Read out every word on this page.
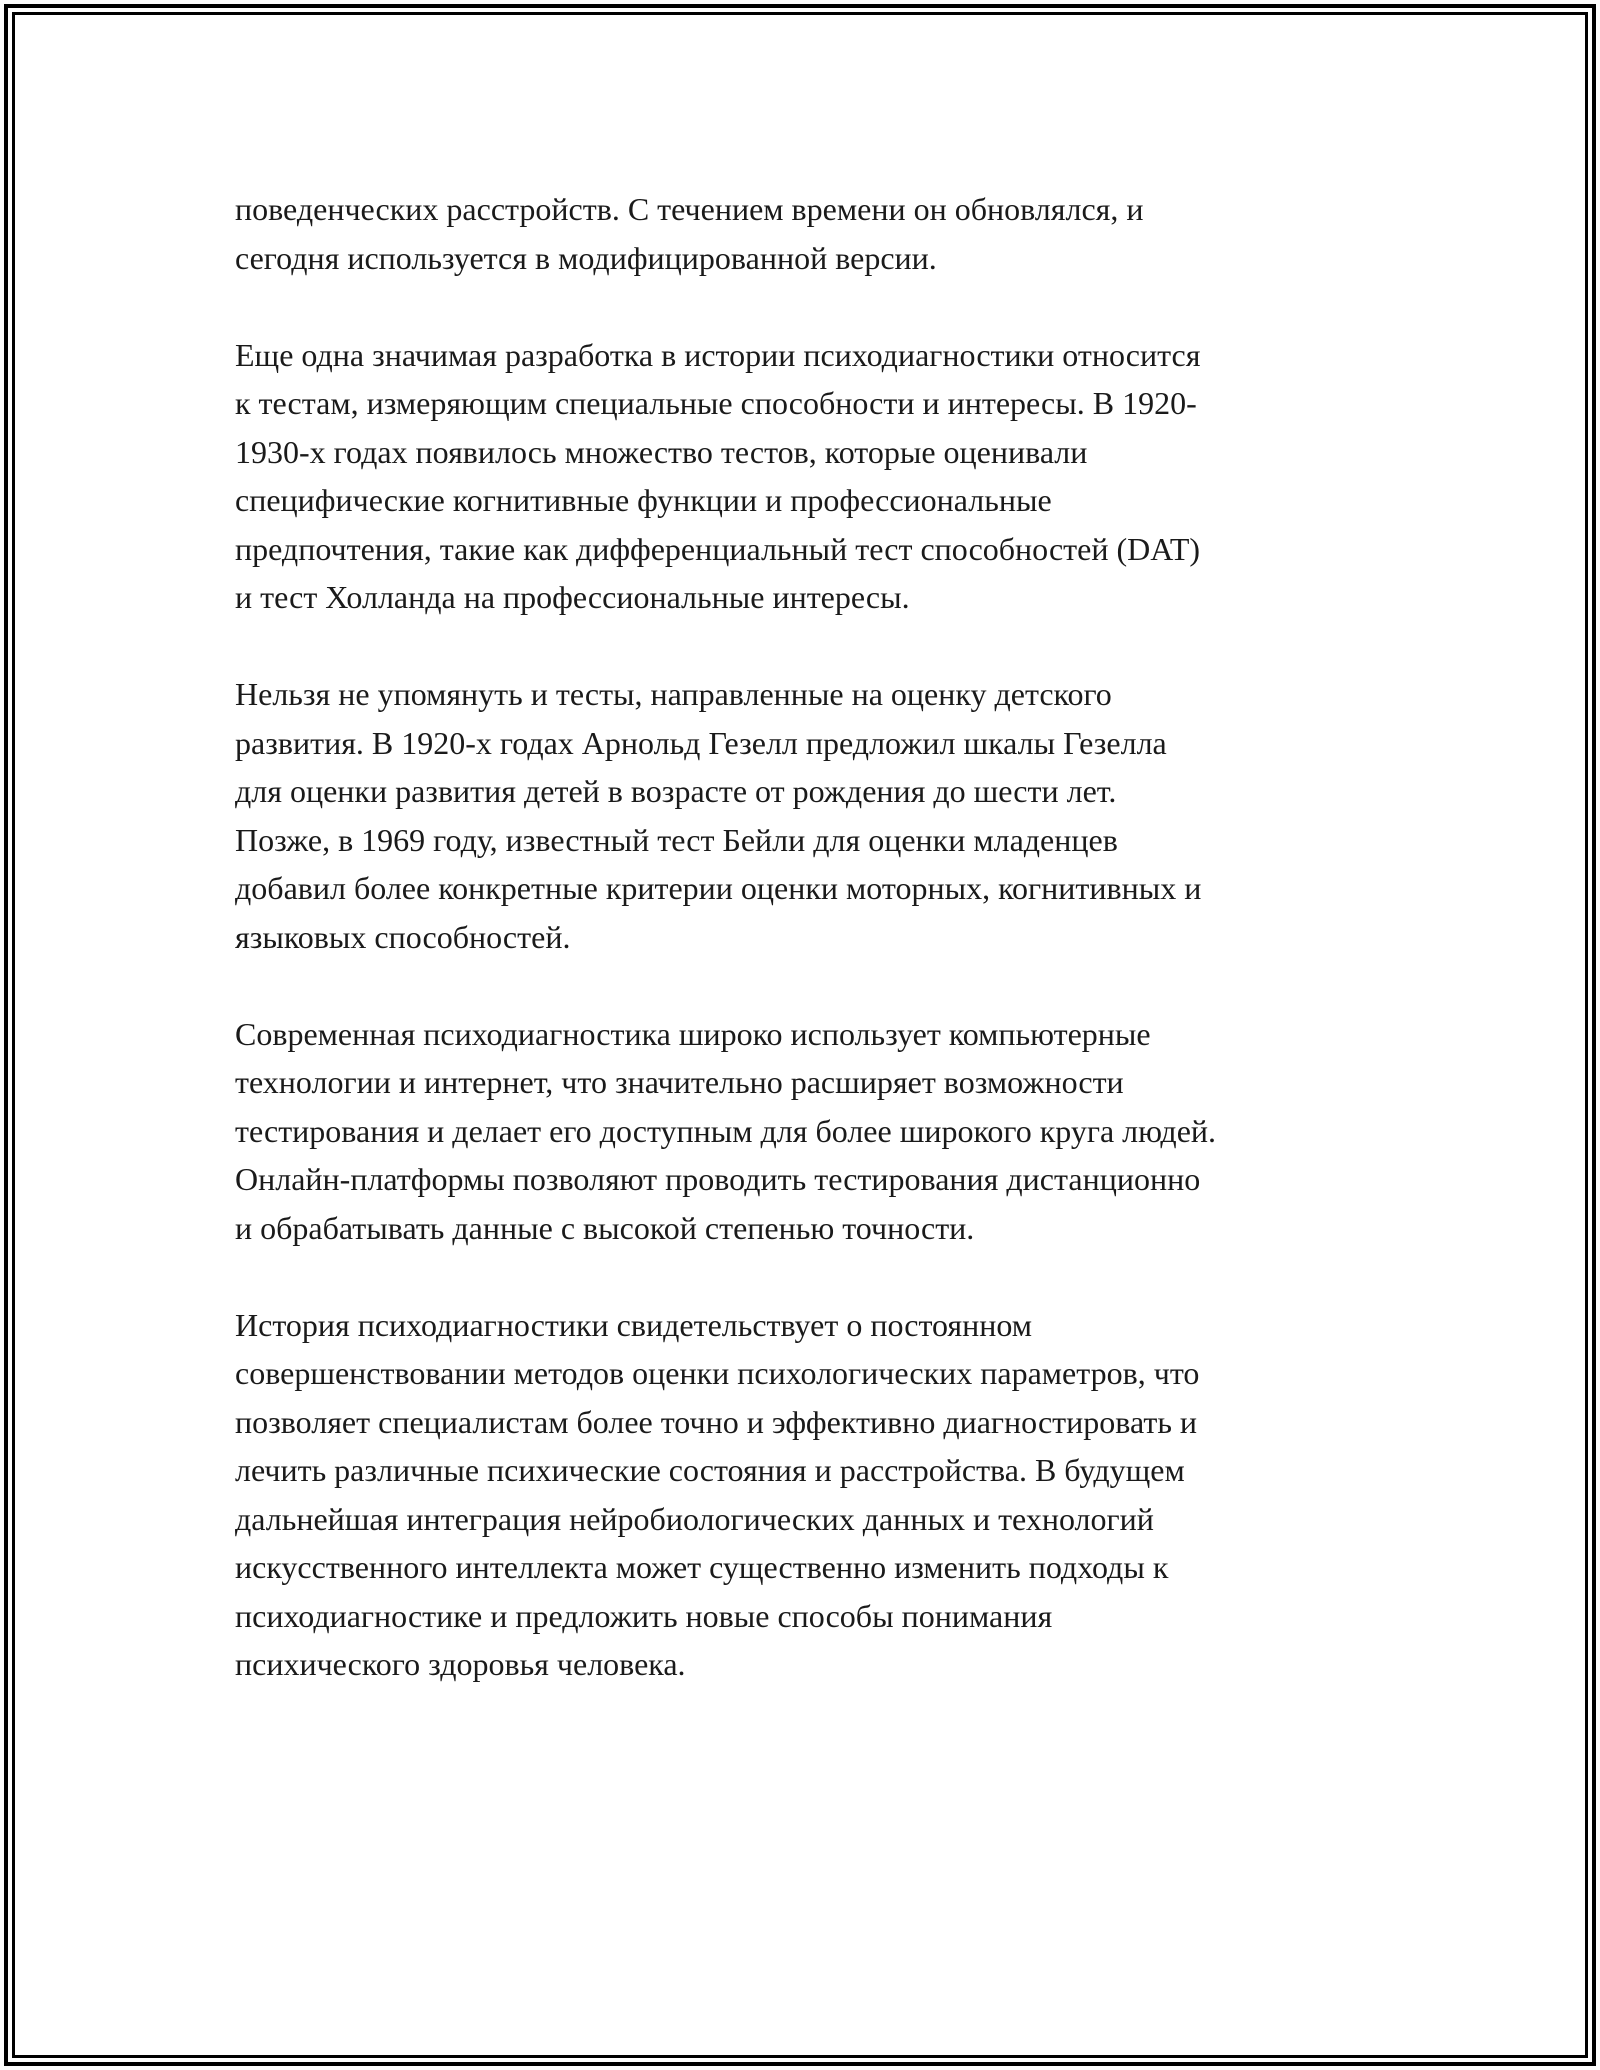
поведенческих расстройств. С течением времени он обновлялся, и
сегодня используется в модифицированной версии.

Еще одна значимая разработка в истории психодиагностики относится
к тестам, измеряющим специальные способности и интересы. В 1920-
1930-х годах появилось множество тестов, которые оценивали
специфические когнитивные функции и профессиональные
предпочтения, такие как дифференциальный тест способностей (DAT)
и тест Холланда на профессиональные интересы.

Нельзя не упомянуть и тесты, направленные на оценку детского
развития. В 1920-х годах Арнольд Гезелл предложил шкалы Гезелла
для оценки развития детей в возрасте от рождения до шести лет.
Позже, в 1969 году, известный тест Бейли для оценки младенцев
добавил более конкретные критерии оценки моторных, когнитивных и
языковых способностей.

Современная психодиагностика широко использует компьютерные
технологии и интернет, что значительно расширяет возможности
тестирования и делает его доступным для более широкого круга людей.
Онлайн-платформы позволяют проводить тестирования дистанционно
и обрабатывать данные с высокой степенью точности.

История психодиагностики свидетельствует о постоянном
совершенствовании методов оценки психологических параметров, что
позволяет специалистам более точно и эффективно диагностировать и
лечить различные психические состояния и расстройства. В будущем
дальнейшая интеграция нейробиологических данных и технологий
искусственного интеллекта может существенно изменить подходы к
психодиагностике и предложить новые способы понимания
психического здоровья человека.
